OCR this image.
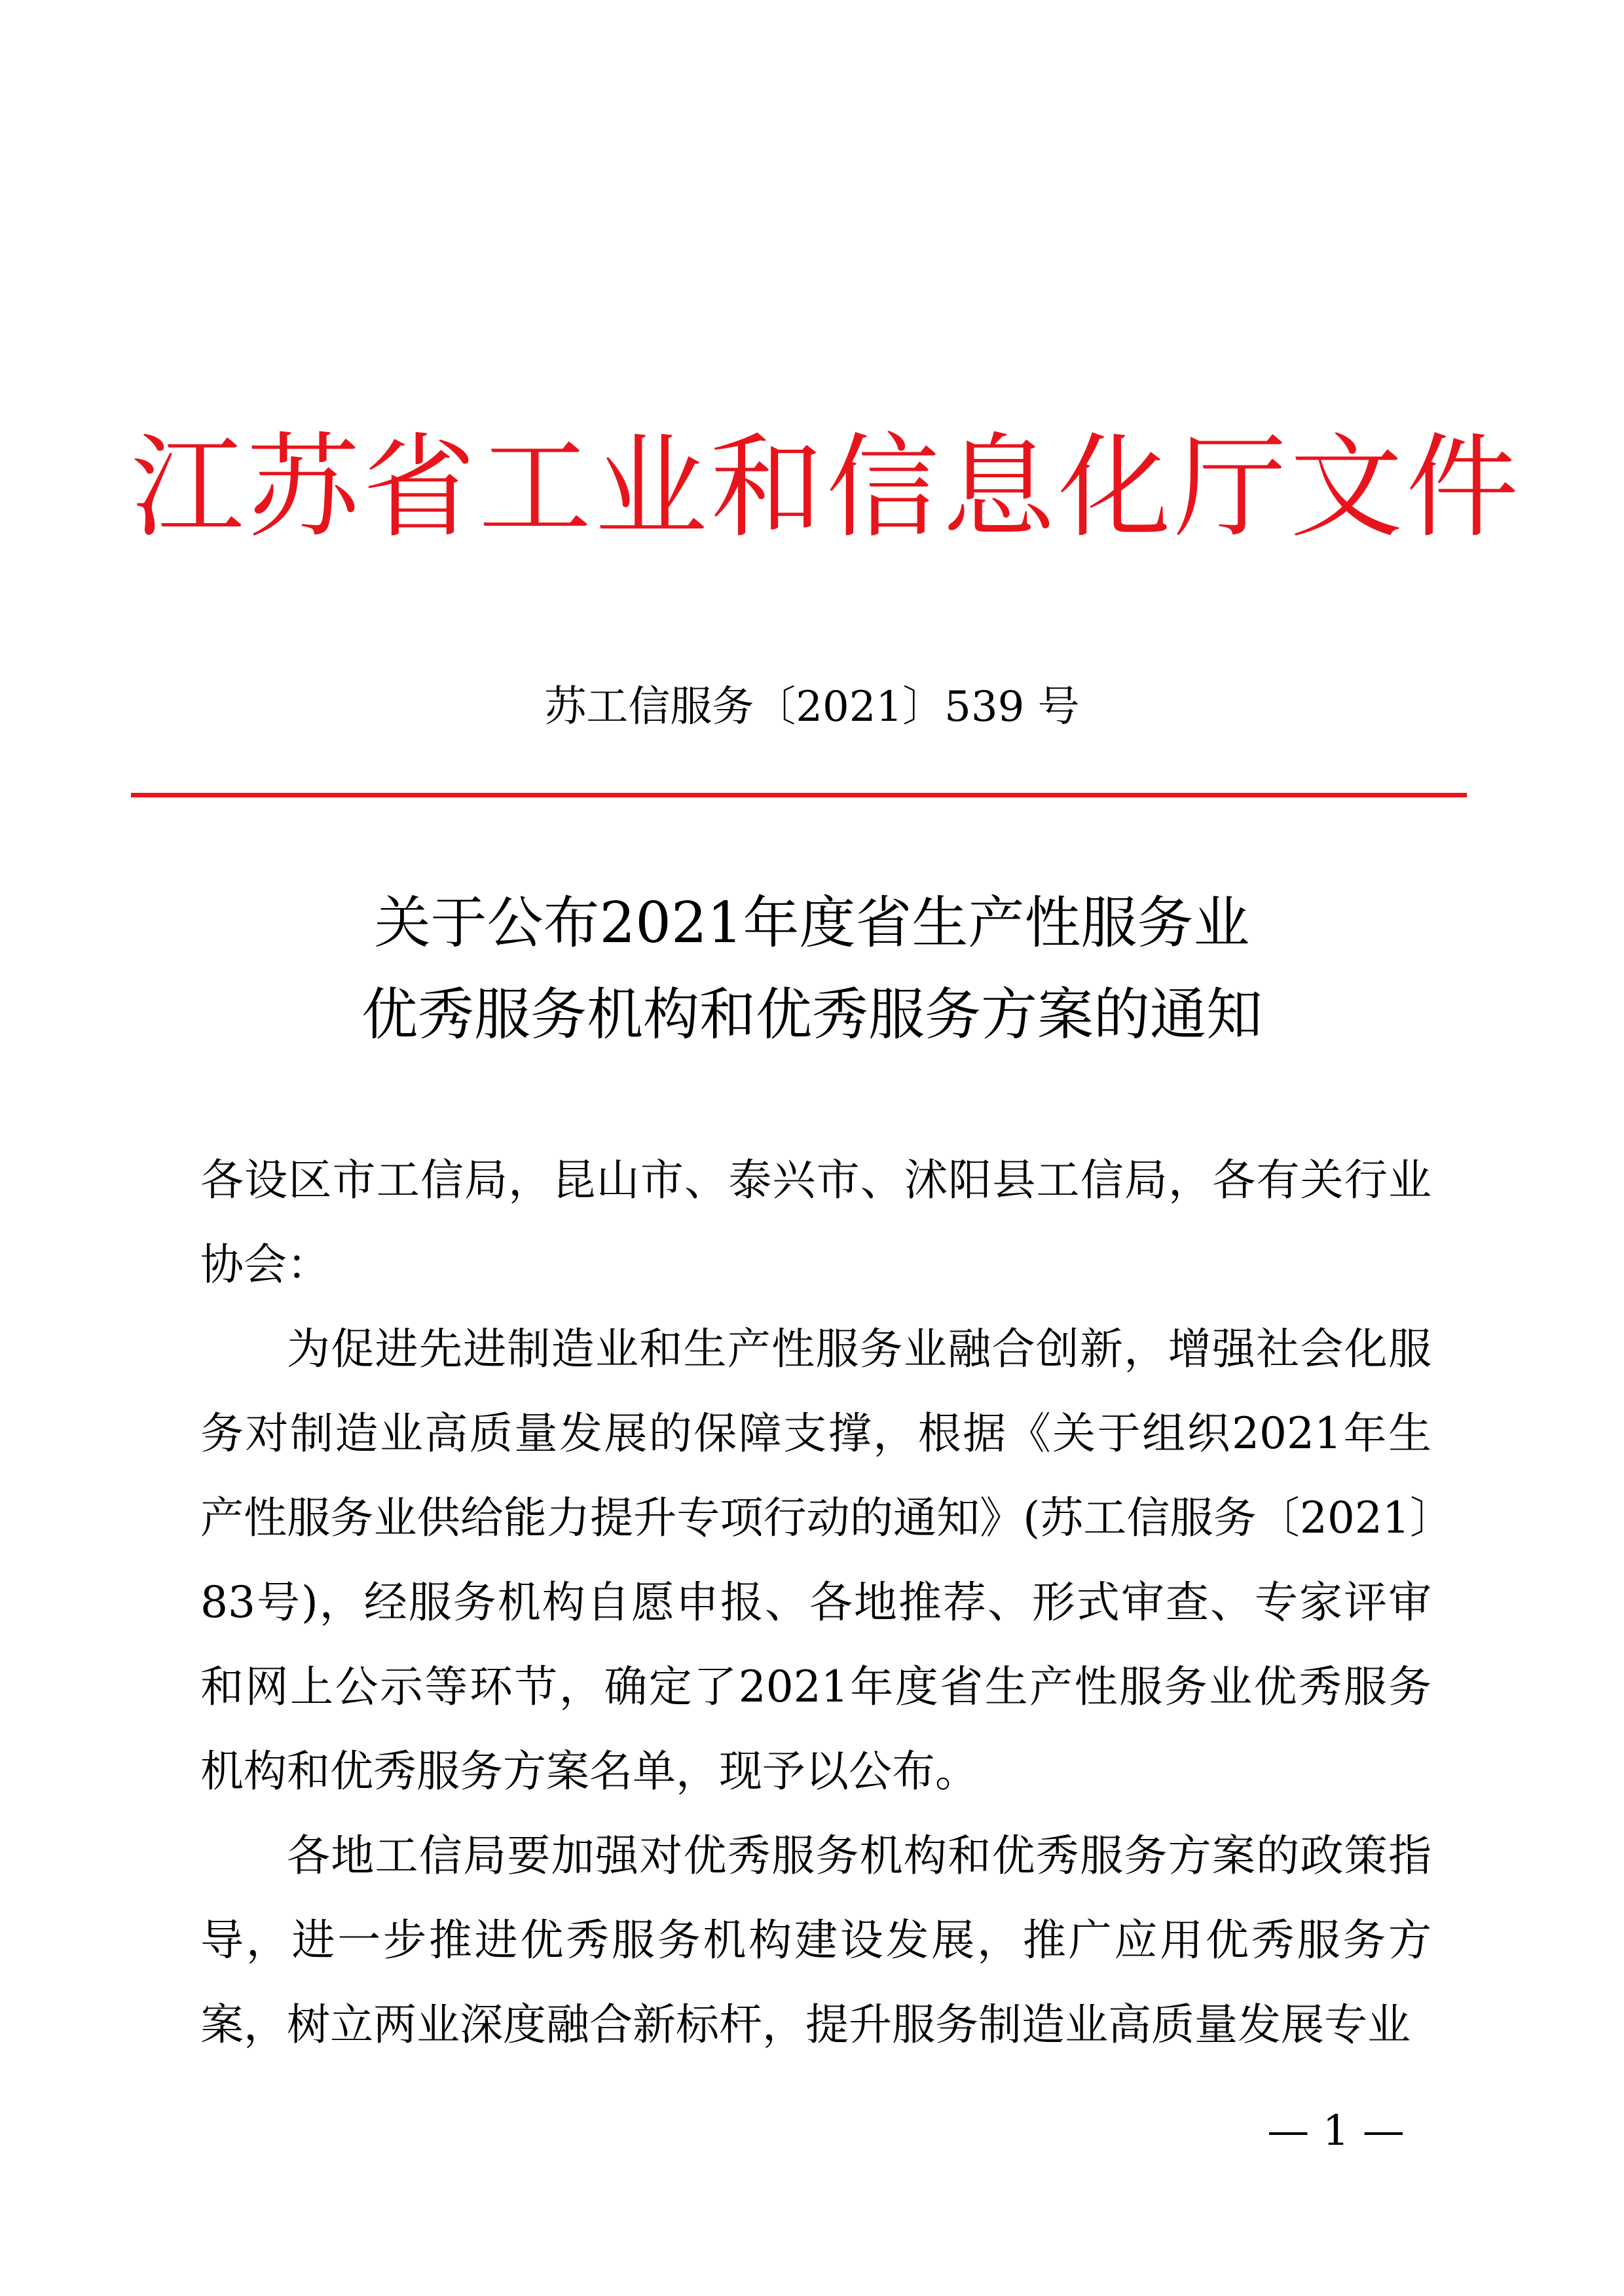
江苏省工业和信息化厅文件
苏工信服务〔2021〕539 号
关于公布2021年度省生产性服务业
优秀服务机构和优秀服务方案的通知

各设区市工信局，昆山市、泰兴市、沭阳县工信局，各有关行业协会：

为促进先进制造业和生产性服务业融合创新，增强社会化服务对制造业高质量发展的保障支撑，根据《关于组织2021年生产性服务业供给能力提升专项行动的通知》(苏工信服务〔2021〕83号)，经服务机构自愿申报、各地推荐、形式审查、专家评审和网上公示等环节，确定了2021年度省生产性服务业优秀服务机构和优秀服务方案名单，现予以公布。

各地工信局要加强对优秀服务机构和优秀服务方案的政策指导，进一步推进优秀服务机构建设发展，推广应用优秀服务方案，树立两业深度融合新标杆，提升服务制造业高质量发展专业

— 1 —
